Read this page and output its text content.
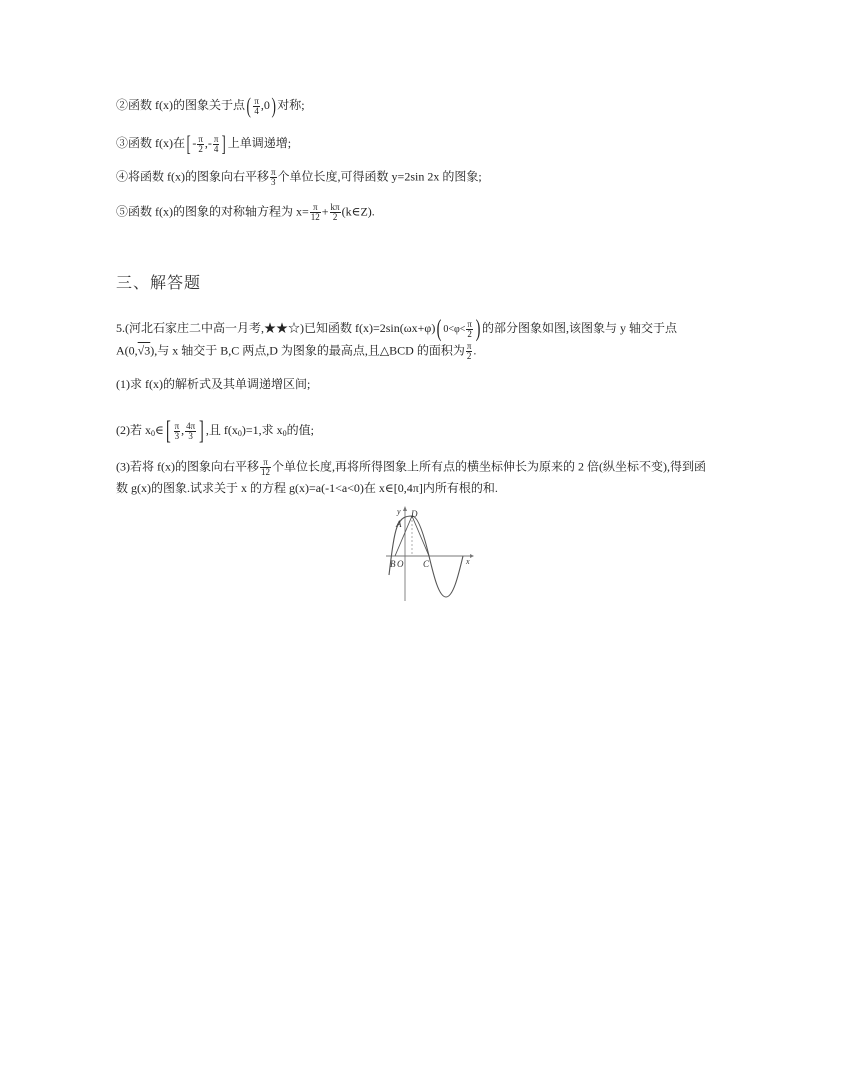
②函数 f(x)的图象关于点( $\frac{\pi}{4} ,0$)对称;
③函数 f(x)在[ - $\frac{\pi}{2}$ ,- $\frac{\pi}{4}$ ] 上单调递增;
④将函数 f(x)的图象向右平移 $\frac{\pi}{3}$ 个单位长度,可得函数 y=2sin 2x 的图象;
⑤函数 f(x)的图象的对称轴方程为 $x= \frac{\pi}{12} + \frac{k\pi}{2}$ (k∈Z).
三、解答题
5.(河北石家庄二中高一月考,★★☆)已知函数 f(x)=2sin(ωx+φ)( $0<\varphi< \frac{\pi}{2}$ ) 的部分图象如图,该图象与 y 轴交于点
A(0,√3),与 x 轴交于 B,C 两点,D 为图象的最高点,且△BCD 的面积为 $\frac{\pi}{2}$ .
(1)求 f(x)的解析式及其单调递增区间;
(2)若 $x_0\in[ \frac{\pi}{3}$ , $\frac{4\pi}{3}$ ] ,且 $f(x_0)=1$,求 $x_0$的值;
(3)若将 f(x)的图象向右平移 $\frac{\pi}{12}$ 个单位长度,再将所得图象上所有点的横坐标伸长为原来的 2 倍(纵坐标不变),得到函
数 g(x)的图象.试求关于 x 的方程 g(x)=a(-1<a<0)在 x∈[0,4π]内所有根的和.
y
A
D
B O C	x
